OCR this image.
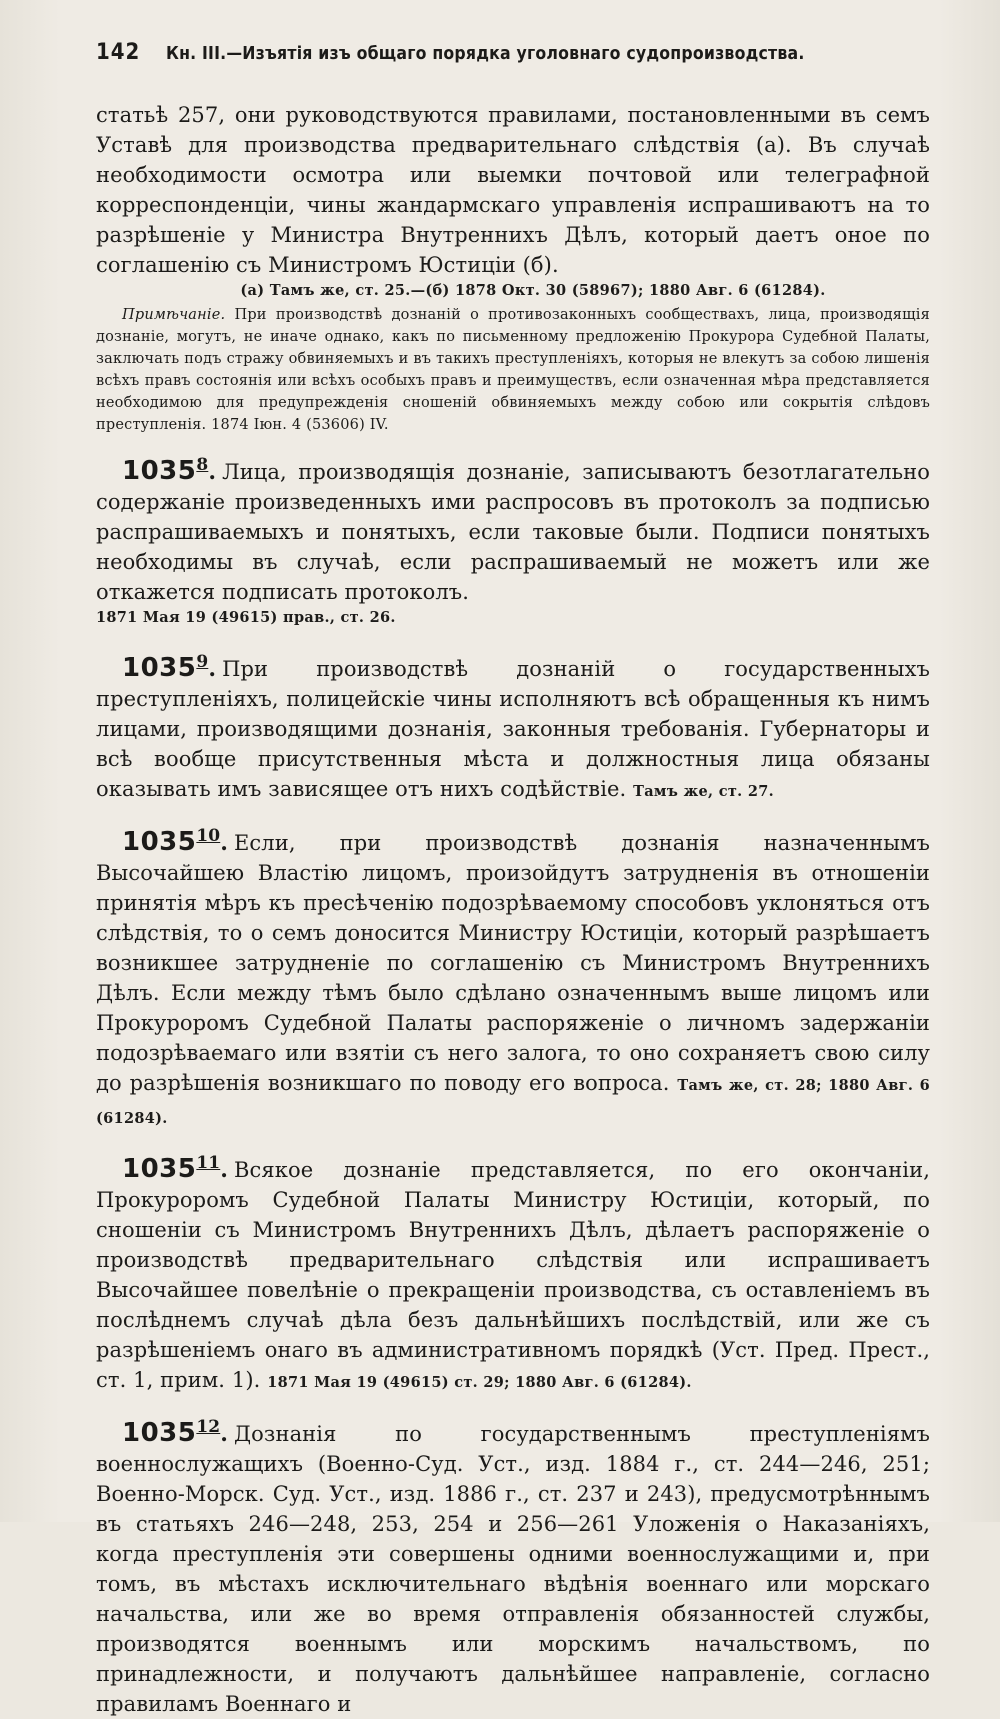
142	Кн. III.—Изъятія изъ общаго порядка уголовнаго судопроизводства.

статьѣ 257, они руководствуются правилами, постановленными въ семъ Уставѣ для производства предварительнаго слѣдствія (а). Въ случаѣ необходимости осмотра или выемки почтовой или телеграфной корреспонденціи, чины жандармскаго управленія испрашиваютъ на то разрѣшеніе у Министра Внутреннихъ Дѣлъ, который даетъ оное по соглашенію съ Министромъ Юстиціи (б).

(а) Тамъ же, ст. 25.—(б) 1878 Окт. 30 (58967); 1880 Авг. 6 (61284).

Примѣчаніе. При производствѣ дознаній о противозаконныхъ сообществахъ, лица, производящія дознаніе, могутъ, не иначе однако, какъ по письменному предложенію Прокурора Судебной Палаты, заключать подъ стражу обвиняемыхъ и въ такихъ преступленіяхъ, которыя не влекутъ за собою лишенія всѣхъ правъ состоянія или всѣхъ особыхъ правъ и преимуществъ, если означенная мѣра представляется необходимою для предупрежденія сношеній обвиняемыхъ между собою или сокрытія слѣдовъ преступленія. 1874 Іюн. 4 (53606) IV.

1035$^8$. Лица, производящія дознаніе, записываютъ безотлагательно содержаніе произведенныхъ ими распросовъ въ протоколъ за подписью распрашиваемыхъ и понятыхъ, если таковые были. Подписи понятыхъ необходимы въ случаѣ, если распрашиваемый не можетъ или же откажется подписать протоколъ.

1871 Мая 19 (49615) прав., ст. 26.

1035$^9$. При производствѣ дознаній о государственныхъ преступленіяхъ, полицейскіе чины исполняютъ всѣ обращенныя къ нимъ лицами, производящими дознанія, законныя требованія. Губернаторы и всѣ вообще присутственныя мѣста и должностныя лица обязаны оказывать имъ зависящее отъ нихъ содѣйствіе. Тамъ же, ст. 27.

1035$^{10}$. Если, при производствѣ дознанія назначеннымъ Высочайшею Властію лицомъ, произойдутъ затрудненія въ отношеніи принятія мѣръ къ пресѣченію подозрѣваемому способовъ уклоняться отъ слѣдствія, то о семъ доносится Министру Юстиціи, который разрѣшаетъ возникшее затрудненіе по соглашенію съ Министромъ Внутреннихъ Дѣлъ. Если между тѣмъ было сдѣлано означеннымъ выше лицомъ или Прокуроромъ Судебной Палаты распоряженіе о личномъ задержаніи подозрѣваемаго или взятіи съ него залога, то оно сохраняетъ свою силу до разрѣшенія возникшаго по поводу его вопроса. Тамъ же, ст. 28; 1880 Авг. 6 (61284).

1035$^{11}$. Всякое дознаніе представляется, по его окончаніи, Прокуроромъ Судебной Палаты Министру Юстиціи, который, по сношеніи съ Министромъ Внутреннихъ Дѣлъ, дѣлаетъ распоряженіе о производствѣ предварительнаго слѣдствія или испрашиваетъ Высочайшее повелѣніе о прекращеніи производства, съ оставленіемъ въ послѣднемъ случаѣ дѣла безъ дальнѣйшихъ послѣдствій, или же съ разрѣшеніемъ онаго въ административномъ порядкѣ (Уст. Пред. Прест., ст. 1, прим. 1). 1871 Мая 19 (49615) ст. 29; 1880 Авг. 6 (61284).

1035$^{12}$. Дознанія по государственнымъ преступленіямъ военнослужащихъ (Военно-Суд. Уст., изд. 1884 г., ст. 244—246, 251; Военно-Морск. Суд. Уст., изд. 1886 г., ст. 237 и 243), предусмотрѣннымъ въ статьяхъ 246—248, 253, 254 и 256—261 Уложенія о Наказаніяхъ, когда преступленія эти совершены одними военнослужащими и, при томъ, въ мѣстахъ исключительнаго вѣдѣнія военнаго или морскаго начальства, или же во время отправленія обязанностей службы, производятся военнымъ или морскимъ начальствомъ, по принадлежности, и получаютъ дальнѣйшее направленіе, согласно правиламъ Военнаго и
